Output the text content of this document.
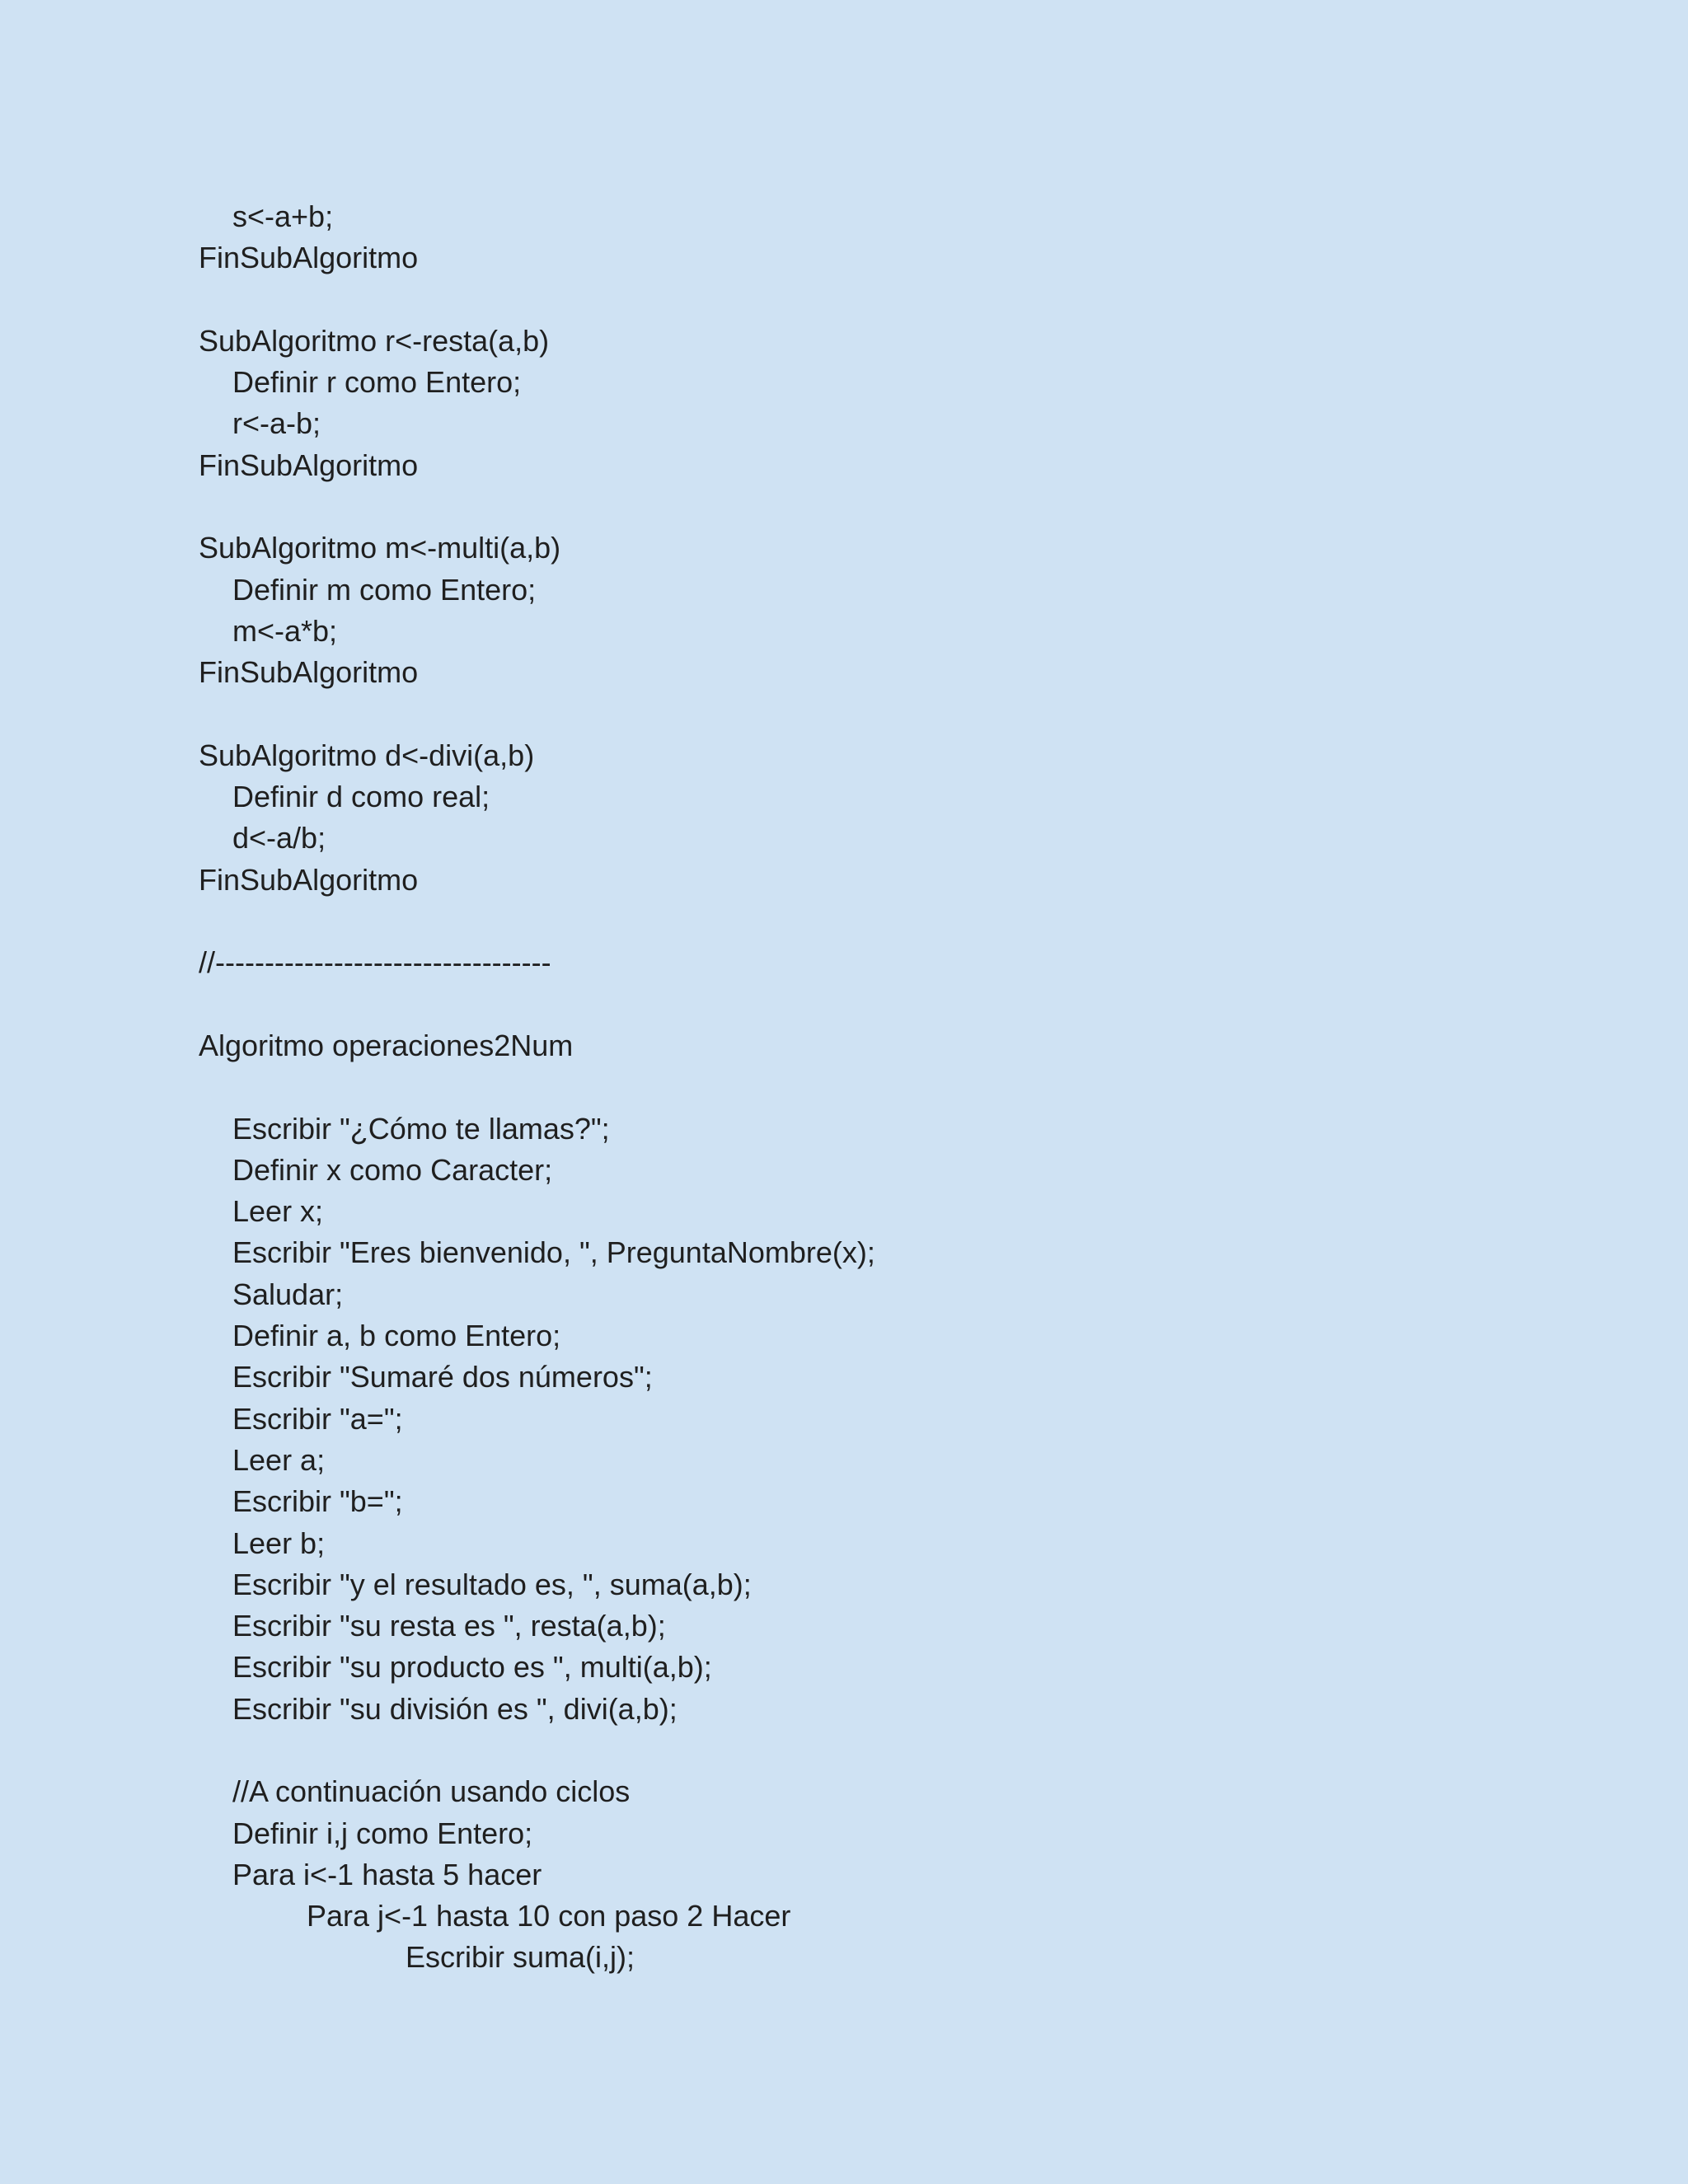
s<-a+b;
FinSubAlgoritmo
SubAlgoritmo r<-resta(a,b)
Definir r como Entero;
r<-a-b;
FinSubAlgoritmo
SubAlgoritmo m<-multi(a,b)
Definir m como Entero;
m<-a*b;
FinSubAlgoritmo
SubAlgoritmo d<-divi(a,b)
Definir d como real;
d<-a/b;
FinSubAlgoritmo
//----------------------------------
Algoritmo operaciones2Num
Escribir "¿Cómo te llamas?";
Definir x como Caracter;
Leer x;
Escribir "Eres bienvenido, ", PreguntaNombre(x);
Saludar;
Definir a, b como Entero;
Escribir "Sumaré dos números";
Escribir "a=";
Leer a;
Escribir "b=";
Leer b;
Escribir "y el resultado es, ", suma(a,b);
Escribir "su resta es ", resta(a,b);
Escribir "su producto es ", multi(a,b);
Escribir "su división es ", divi(a,b);
//A continuación usando ciclos
Definir i,j como Entero;
Para i<-1 hasta 5 hacer
Para j<-1 hasta 10 con paso 2 Hacer
Escribir suma(i,j);
